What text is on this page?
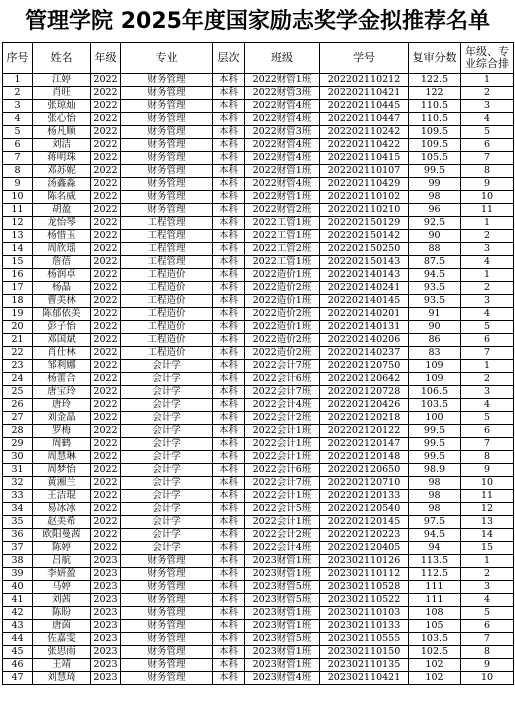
管理学院 2025年度国家励志奖学金拟推荐名单
序号	姓名	年级	专业	层次	班级	学号	复审分数	年级、专业综合排
1	江婷	2022	财务管理	本科	2022财管1班	202202110212	122.5	1
2	肖旺	2022	财务管理	本科	2022财管3班	202202110421	122	2
3	张琼灿	2022	财务管理	本科	2022财管4班	202202110445	110.5	3
4	张心怡	2022	财务管理	本科	2022财管4班	202202110447	110.5	4
5	杨凡顺	2022	财务管理	本科	2022财管3班	202202110242	109.5	5
6	刘洁	2022	财务管理	本科	2022财管4班	202202110422	109.5	6
7	蒋明珠	2022	财务管理	本科	2022财管4班	202202110415	105.5	7
8	邓苏妮	2022	财务管理	本科	2022财管1班	202202110107	99.5	8
9	汤鑫淼	2022	财务管理	本科	2022财管4班	202202110429	99	9
10	陈名威	2022	财务管理	本科	2022财管1班	202202110102	98	10
11	胡盈	2022	财务管理	本科	2022财管2班	202202110210	96	11
12	龙怡琴	2022	工程管理	本科	2022工管1班	202202150129	92.5	1
13	杨惜玉	2022	工程管理	本科	2022工管1班	202202150142	90	2
14	周欣瑶	2022	工程管理	本科	2022工管2班	202202150250	88	3
15	詹蓓	2022	工程管理	本科	2022工管1班	202202150143	87.5	4
16	杨润卓	2022	工程造价	本科	2022造价1班	202202140143	94.5	1
17	杨晶	2022	工程造价	本科	2022造价2班	202202140241	93.5	2
18	曹美林	2022	工程造价	本科	2022造价1班	202202140145	93.5	3
19	陈郁依美	2022	工程造价	本科	2022造价2班	202202140201	91	4
20	彭子怡	2022	工程造价	本科	2022造价1班	202202140131	90	5
21	邓国斌	2022	工程造价	本科	2022造价2班	202202140206	86	6
22	肖仕林	2022	工程造价	本科	2022造价2班	202202140237	83	7
23	邹利娜	2022	会计学	本科	2022会计7班	202202120750	109	1
24	杨蕾合	2022	会计学	本科	2022会计6班	202202120642	109	2
25	唐宝玲	2022	会计学	本科	2022会计7班	202202120728	106.5	3
26	唐玲	2022	会计学	本科	2022会计4班	202202120426	103.5	4
27	刘金晶	2022	会计学	本科	2022会计2班	202202120218	100	5
28	罗梅	2022	会计学	本科	2022会计1班	202202120122	99.5	6
29	周鹤	2022	会计学	本科	2022会计1班	202202120147	99.5	7
30	周慧琳	2022	会计学	本科	2022会计1班	202202120148	99.5	8
31	周梦怡	2022	会计学	本科	2022会计6班	202202120650	98.9	9
32	黄湘兰	2022	会计学	本科	2022会计7班	202202120710	98	10
33	王洁琨	2022	会计学	本科	2022会计1班	202202120133	98	11
34	易冰冰	2022	会计学	本科	2022会计5班	202202120540	98	12
35	赵美希	2022	会计学	本科	2022会计1班	202202120145	97.5	13
36	欧阳曼茜	2022	会计学	本科	2022会计2班	202202120223	94.5	14
37	陈婷	2022	会计学	本科	2022会计4班	202202120405	94	15
38	吕航	2023	财务管理	本科	2023财管1班	202302110126	113.5	1
39	李妍盈	2023	财务管理	本科	2023财管1班	202302110112	112.5	2
40	马婷	2023	财务管理	本科	2023财管5班	202302110528	111	3
41	刘茜	2023	财务管理	本科	2023财管5班	202302110522	111	4
42	陈盼	2023	财务管理	本科	2023财管1班	202302110103	108	5
43	唐茵	2023	财务管理	本科	2023财管1班	202302110133	105	6
44	佐嘉雯	2023	财务管理	本科	2023财管5班	202302110555	103.5	7
45	张思雨	2023	财务管理	本科	2023财管1班	202302110150	102.5	8
46	王靖	2023	财务管理	本科	2023财管1班	202302110135	102	9
47	刘慧琦	2023	财务管理	本科	2023财管4班	202302110421	102	10
